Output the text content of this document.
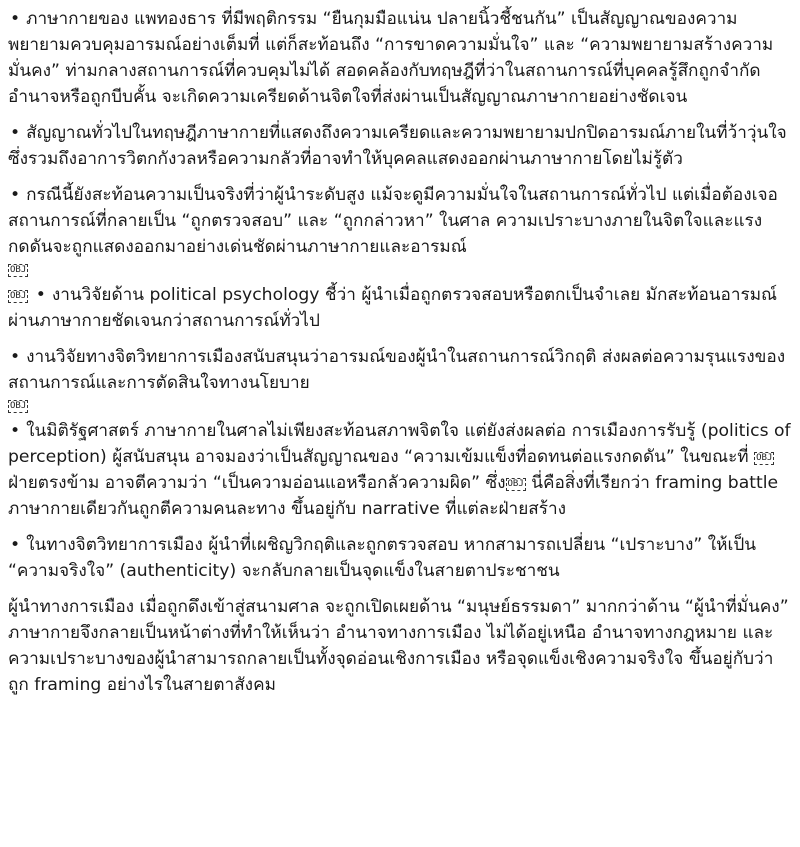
• ภาษากายของ แพทองธาร ที่มีพฤติกรรม “ยืนกุมมือแน่น ปลายนิ้วชี้ชนกัน” เป็นสัญญาณของความพยายามควบคุมอารมณ์อย่างเต็มที่ แต่ก็สะท้อนถึง “การขาดความมั่นใจ” และ “ความพยายามสร้างความมั่นคง” ท่ามกลางสถานการณ์ที่ควบคุมไม่ได้ สอดคล้องกับทฤษฎีที่ว่าในสถานการณ์ที่บุคคลรู้สึกถูกจำกัดอำนาจหรือถูกบีบคั้น จะเกิดความเครียดด้านจิตใจที่ส่งผ่านเป็นสัญญาณภาษากายอย่างชัดเจน

• สัญญาณทั่วไปในทฤษฎีภาษากายที่แสดงถึงความเครียดและความพยายามปกปิดอารมณ์ภายในที่ว้าวุ่นใจ ซึ่งรวมถึงอาการวิตกกังวลหรือความกลัวที่อาจทำให้บุคคลแสดงออกผ่านภาษากายโดยไม่รู้ตัว

• กรณีนี้ยังสะท้อนความเป็นจริงที่ว่าผู้นำระดับสูง แม้จะดูมีความมั่นใจในสถานการณ์ทั่วไป แต่เมื่อต้องเจอสถานการณ์ที่กลายเป็น “ถูกตรวจสอบ” และ “ถูกกล่าวหา” ในศาล ความเปราะบางภายในจิตใจและแรงกดดันจะถูกแสดงออกมาอย่างเด่นชัดผ่านภาษากายและอารมณ์

OBJ

OBJ • งานวิจัยด้าน political psychology ชี้ว่า ผู้นำเมื่อถูกตรวจสอบหรือตกเป็นจำเลย มักสะท้อนอารมณ์ผ่านภาษากายชัดเจนกว่าสถานการณ์ทั่วไป

• งานวิจัยทางจิตวิทยาการเมืองสนับสนุนว่าอารมณ์ของผู้นำในสถานการณ์วิกฤติ ส่งผลต่อความรุนแรงของสถานการณ์และการตัดสินใจทางนโยบาย

OBJ

• ในมิติรัฐศาสตร์ ภาษากายในศาลไม่เพียงสะท้อนสภาพจิตใจ แต่ยังส่งผลต่อ การเมืองการรับรู้ (politics of perception) ผู้สนับสนุน อาจมองว่าเป็นสัญญาณของ “ความเข้มแข็งที่อดทนต่อแรงกดดัน” ในขณะที่ OBJฝ่ายตรงข้าม อาจตีความว่า “เป็นความอ่อนแอหรือกลัวความผิด” ซึ่ง OBJ นี่คือสิ่งที่เรียกว่า framing battle ภาษากายเดียวกันถูกตีความคนละทาง ขึ้นอยู่กับ narrative ที่แต่ละฝ่ายสร้าง

• ในทางจิตวิทยาการเมือง ผู้นำที่เผชิญวิกฤติและถูกตรวจสอบ หากสามารถเปลี่ยน “เปราะบาง” ให้เป็น “ความจริงใจ” (authenticity) จะกลับกลายเป็นจุดแข็งในสายตาประชาชน

ผู้นำทางการเมือง เมื่อถูกดึงเข้าสู่สนามศาล จะถูกเปิดเผยด้าน “มนุษย์ธรรมดา” มากกว่าด้าน “ผู้นำที่มั่นคง” ภาษากายจึงกลายเป็นหน้าต่างที่ทำให้เห็นว่า อำนาจทางการเมือง ไม่ได้อยู่เหนือ อำนาจทางกฎหมาย และความเปราะบางของผู้นำสามารถกลายเป็นทั้งจุดอ่อนเชิงการเมือง หรือจุดแข็งเชิงความจริงใจ ขึ้นอยู่กับว่าถูก framing อย่างไรในสายตาสังคม
